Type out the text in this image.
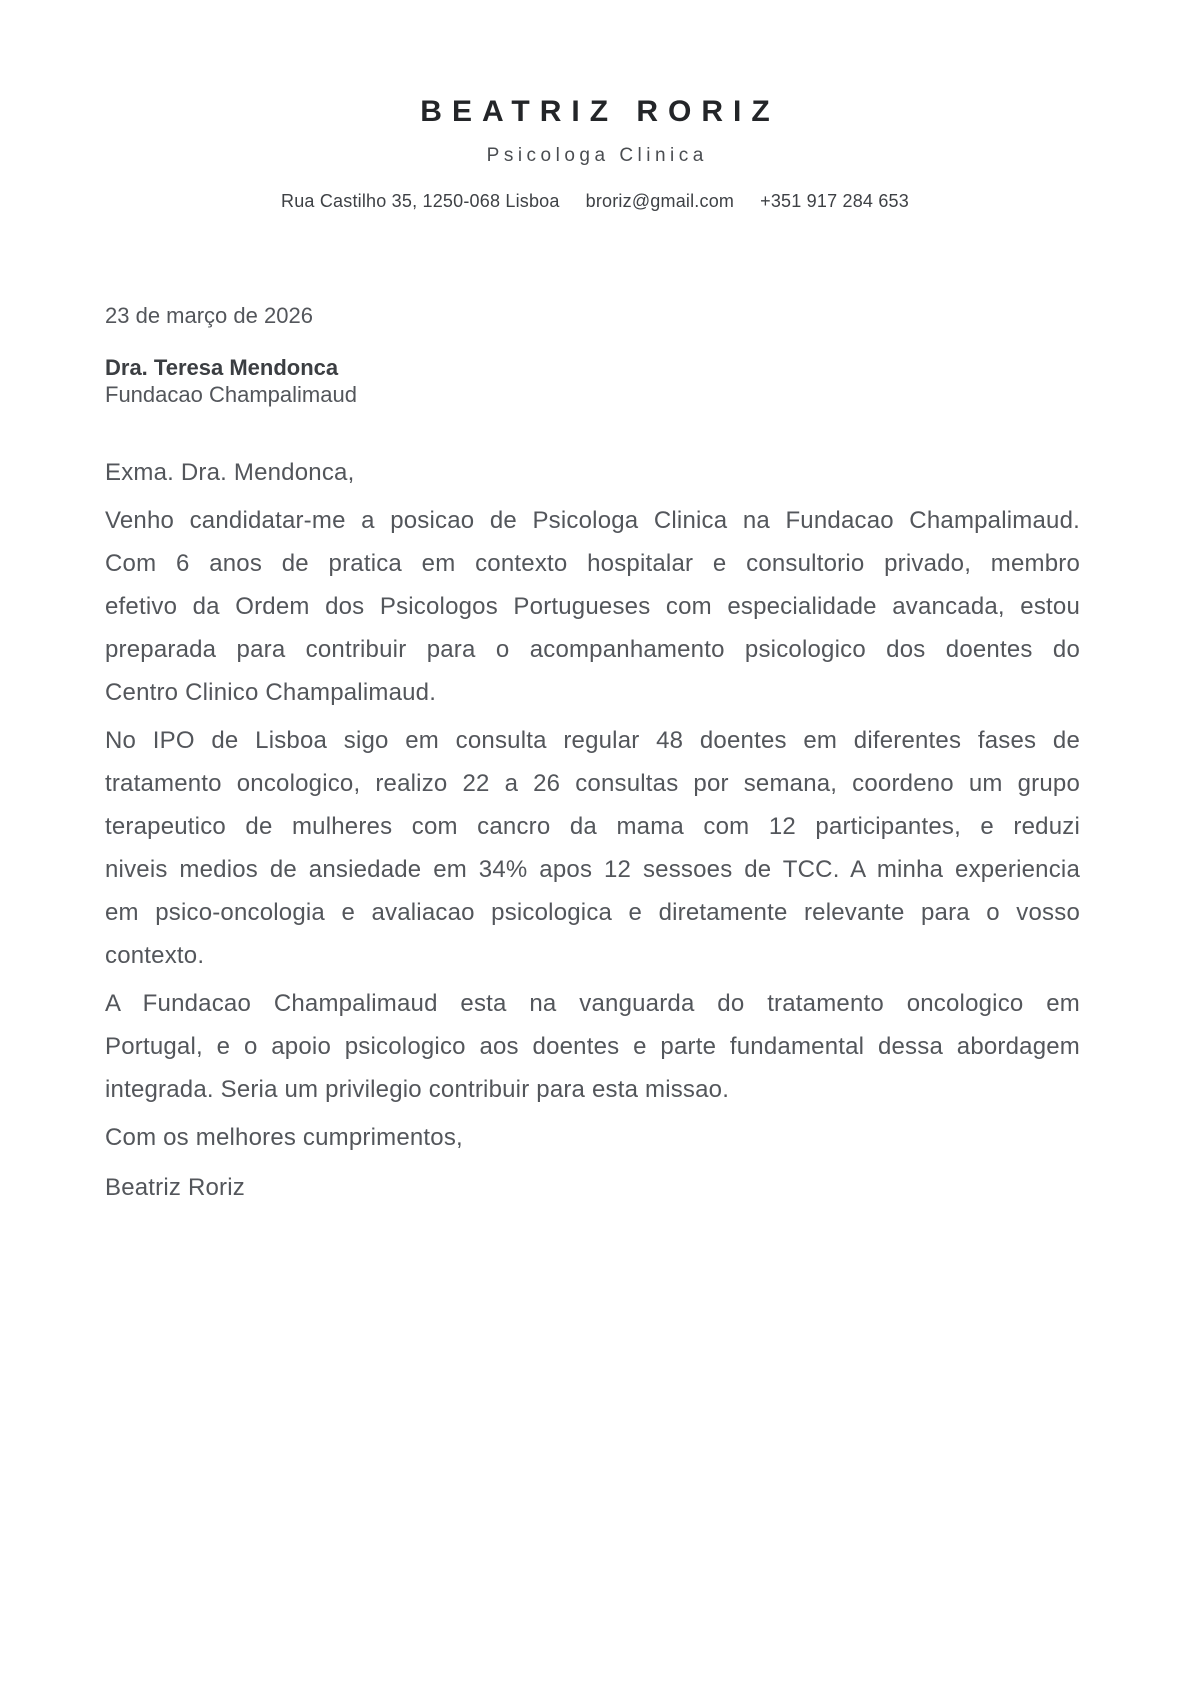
BEATRIZ RORIZ
Psicologa Clinica
Rua Castilho 35, 1250-068 Lisboa broriz@gmail.com +351 917 284 653
23 de março de 2026
Dra. Teresa Mendonca
Fundacao Champalimaud
Exma. Dra. Mendonca,
Venho candidatar-me a posicao de Psicologa Clinica na Fundacao Champalimaud.
Com 6 anos de pratica em contexto hospitalar e consultorio privado, membro
efetivo da Ordem dos Psicologos Portugueses com especialidade avancada, estou
preparada para contribuir para o acompanhamento psicologico dos doentes do
Centro Clinico Champalimaud.
No IPO de Lisboa sigo em consulta regular 48 doentes em diferentes fases de
tratamento oncologico, realizo 22 a 26 consultas por semana, coordeno um grupo
terapeutico de mulheres com cancro da mama com 12 participantes, e reduzi
niveis medios de ansiedade em 34% apos 12 sessoes de TCC. A minha experiencia
em psico-oncologia e avaliacao psicologica e diretamente relevante para o vosso
contexto.
A Fundacao Champalimaud esta na vanguarda do tratamento oncologico em
Portugal, e o apoio psicologico aos doentes e parte fundamental dessa abordagem
integrada. Seria um privilegio contribuir para esta missao.
Com os melhores cumprimentos,
Beatriz Roriz
